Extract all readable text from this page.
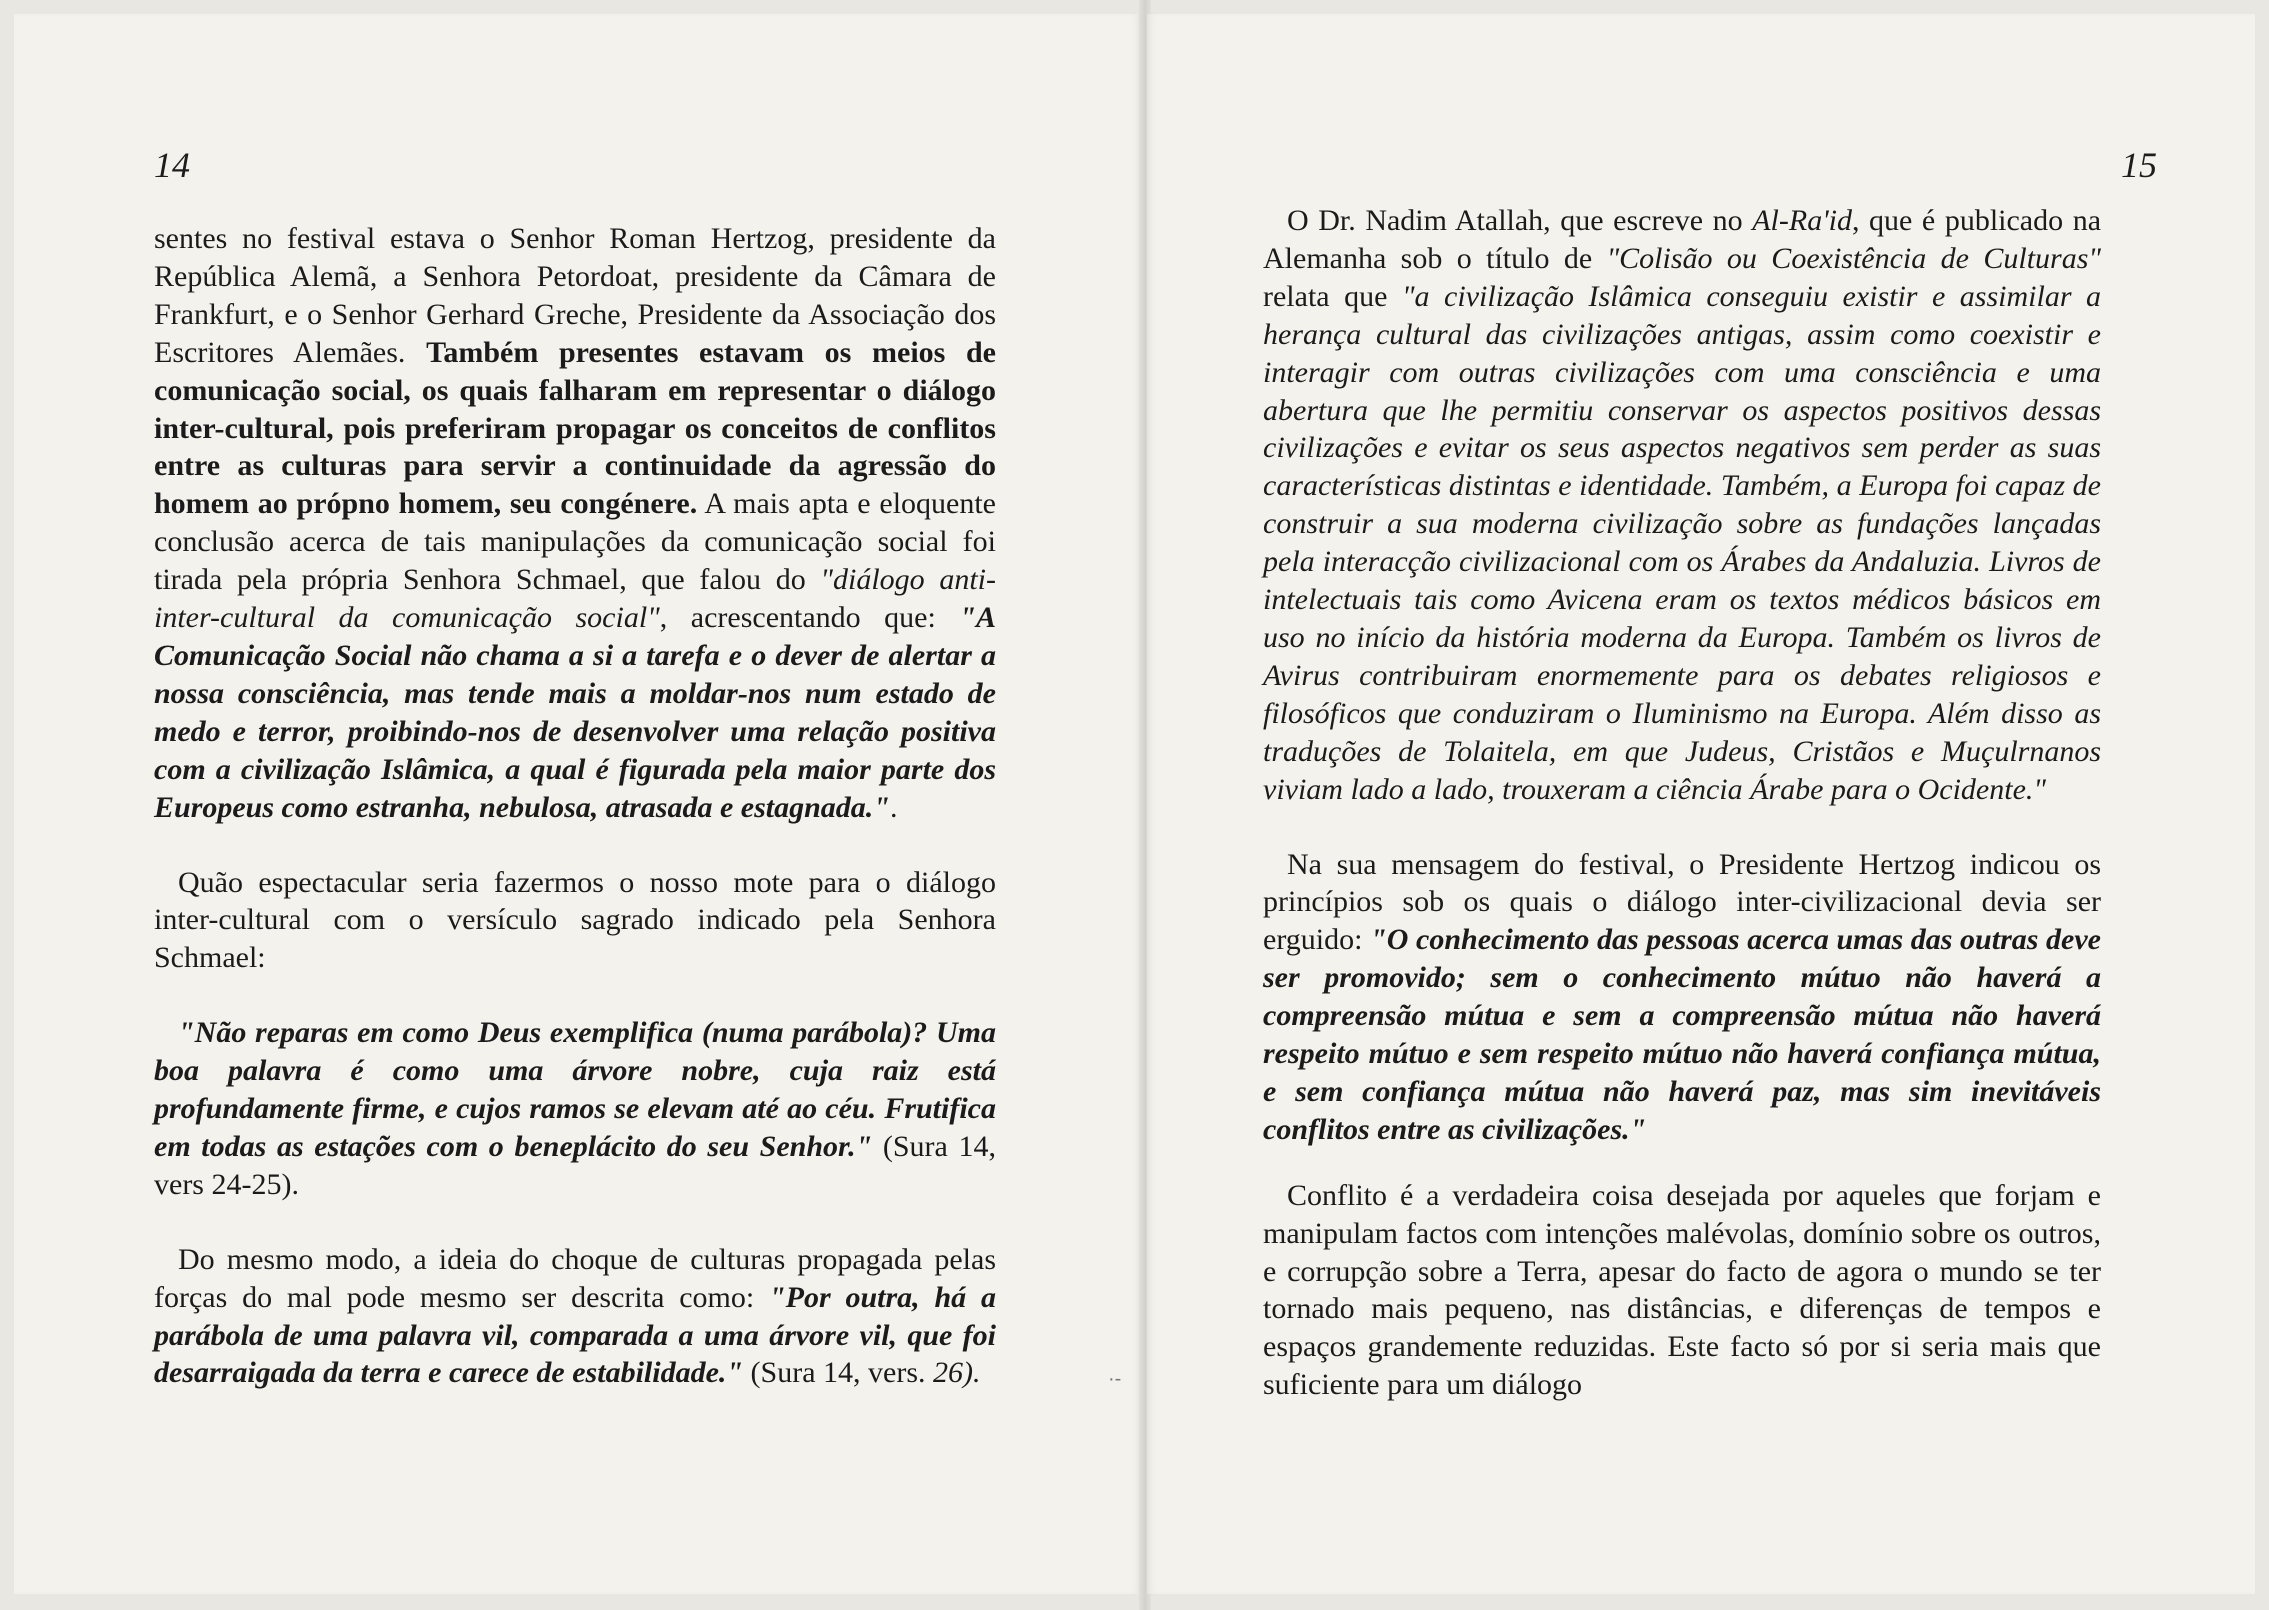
14

sentes no festival estava o Senhor Roman Hertzog, presidente da República Alemã, a Senhora Petordoat, presidente da Câmara de Frankfurt, e o Senhor Gerhard Greche, Presidente da Associação dos Escritores Alemães. Também presentes estavam os meios de comunicação social, os quais falharam em representar o diálogo inter-cultural, pois preferiram propagar os conceitos de conflitos entre as culturas para servir a continuidade da agressão do homem ao própno homem, seu congénere. A mais apta e eloquente conclusão acerca de tais manipulações da comunicação social foi tirada pela própria Senhora Schmael, que falou do "diálogo anti-inter-cultural da comunicação social", acrescentando que: "A Comunicação Social não chama a si a tarefa e o dever de alertar a nossa consciência, mas tende mais a moldar-nos num estado de medo e terror, proibindo-nos de desenvolver uma relação positiva com a civilização Islâmica, a qual é figurada pela maior parte dos Europeus como estranha, nebulosa, atrasada e estagnada.".

Quão espectacular seria fazermos o nosso mote para o diálogo inter-cultural com o versículo sagrado indicado pela Senhora Schmael:

"Não reparas em como Deus exemplifica (numa parábola)? Uma boa palavra é como uma árvore nobre, cuja raiz está profundamente firme, e cujos ramos se elevam até ao céu. Frutifica em todas as estações com o beneplácito do seu Senhor." (Sura 14, vers 24-25).

Do mesmo modo, a ideia do choque de culturas propagada pelas forças do mal pode mesmo ser descrita como: "Por outra, há a parábola de uma palavra vil, comparada a uma árvore vil, que foi desarraigada da terra e carece de estabilidade." (Sura 14, vers. 26).	·-
15

O Dr. Nadim Atallah, que escreve no Al-Ra'id, que é publicado na Alemanha sob o título de "Colisão ou Coexistência de Culturas" relata que "a civilização Islâmica conseguiu existir e assimilar a herança cultural das civilizações antigas, assim como coexistir e interagir com outras civilizações com uma consciência e uma abertura que lhe permitiu conservar os aspectos positivos dessas civilizações e evitar os seus aspectos negativos sem perder as suas características distintas e identidade. Também, a Europa foi capaz de construir a sua moderna civilização sobre as fundações lançadas pela interacção civilizacional com os Árabes da Andaluzia. Livros de intelectuais tais como Avicena eram os textos médicos básicos em uso no início da história moderna da Europa. Também os livros de Avirus contribuiram enormemente para os debates religiosos e filosóficos que conduziram o Iluminismo na Europa. Além disso as traduções de Tolaitela, em que Judeus, Cristãos e Muçulrnanos viviam lado a lado, trouxeram a ciência Árabe para o Ocidente."

Na sua mensagem do festival, o Presidente Hertzog indicou os princípios sob os quais o diálogo inter-civilizacional devia ser erguido: "O conhecimento das pessoas acerca umas das outras deve ser promovido; sem o conhecimento mútuo não haverá a compreensão mútua e sem a compreensão mútua não haverá respeito mútuo e sem respeito mútuo não haverá confiança mútua, e sem confiança mútua não haverá paz, mas sim inevitáveis conflitos entre as civilizações."

Conflito é a verdadeira coisa desejada por aqueles que forjam e manipulam factos com intenções malévolas, domínio sobre os outros, e corrupção sobre a Terra, apesar do facto de agora o mundo se ter tornado mais pequeno, nas distâncias, e diferenças de tempos e espaços grandemente reduzidas. Este facto só por si seria mais que suficiente para um diálogo
